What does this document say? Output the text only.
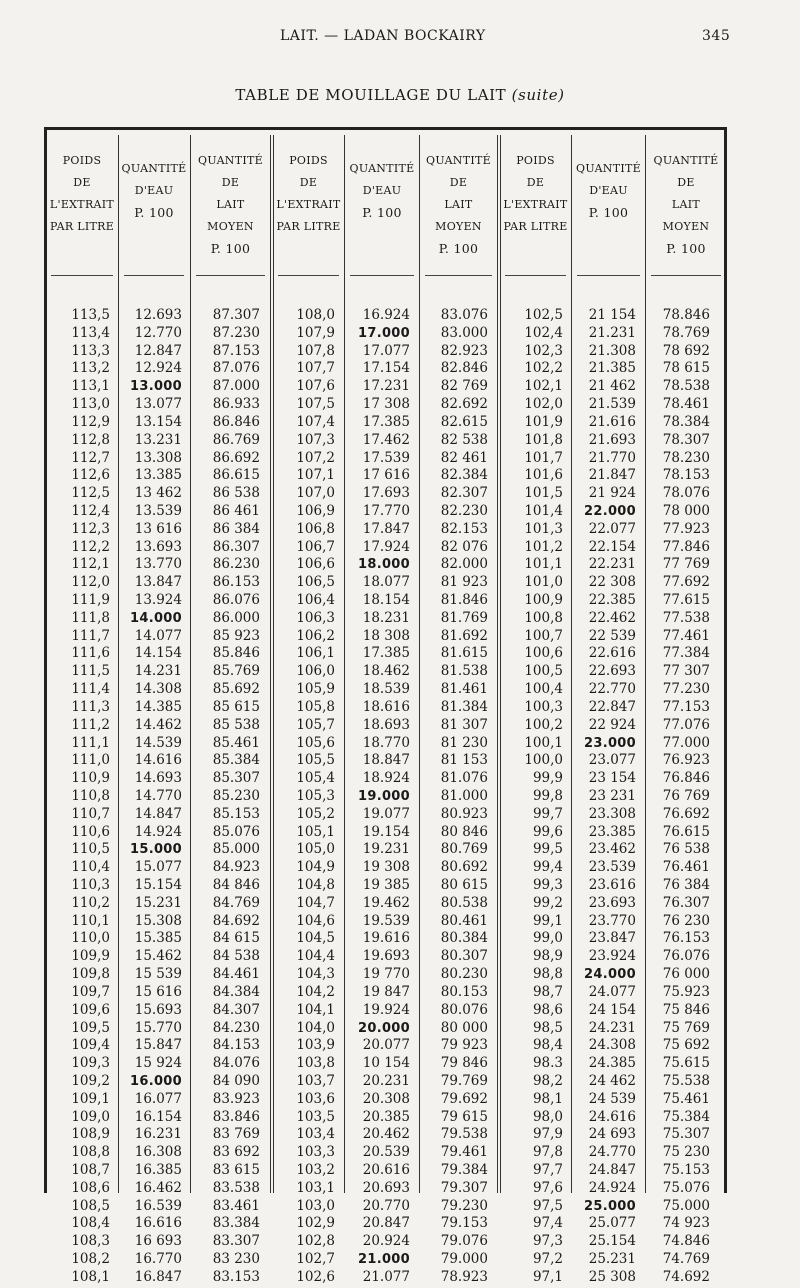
LAIT. — LADAN BOCKAIRY	345
TABLE DE MOUILLAGE DU LAIT (suite)
POIDS
DE
L'EXTRAIT
PAR LITRE
QUANTITÉ
D'EAU
P. 100
QUANTITÉ
DE
LAIT MOYEN
P. 100
POIDS
DE
L'EXTRAIT
PAR LITRE
QUANTITÉ
D'EAU
P. 100
QUANTITÉ
DE
LAIT MOYEN
P. 100
POIDS
DE
L'EXTRAIT
PAR LITRE
QUANTITÉ
D'EAU
P. 100
QUANTITÉ
DE
LAIT MOYEN
P. 100
113,5
113,4
113,3
113,2
113,1
113,0
112,9
112,8
112,7
112,6
112,5
112,4
112,3
112,2
112,1
112,0
111,9
111,8
111,7
111,6
111,5
111,4
111,3
111,2
111,1
111,0
110,9
110,8
110,7
110,6
110,5
110,4
110,3
110,2
110,1
110,0
109,9
109,8
109,7
109,6
109,5
109,4
109,3
109,2
109,1
109,0
108,9
108,8
108,7
108,6
108,5
108,4
108,3
108,2
108,1
12.693
12.770
12.847
12.924
13.000
13.077
13.154
13.231
13.308
13.385
13 462
13.539
13 616
13.693
13.770
13.847
13.924
14.000
14.077
14.154
14.231
14.308
14.385
14.462
14.539
14.616
14.693
14.770
14.847
14.924
15.000
15.077
15.154
15.231
15.308
15.385
15.462
15 539
15 616
15.693
15.770
15.847
15 924
16.000
16.077
16.154
16.231
16.308
16.385
16.462
16.539
16.616
16 693
16.770
16.847
87.307
87.230
87.153
87.076
87.000
86.933
86.846
86.769
86.692
86.615
86 538
86 461
86 384
86.307
86.230
86.153
86.076
86.000
85 923
85.846
85.769
85.692
85 615
85 538
85.461
85.384
85.307
85.230
85.153
85.076
85.000
84.923
84 846
84.769
84.692
84 615
84 538
84.461
84.384
84.307
84.230
84.153
84.076
84 090
83.923
83.846
83 769
83 692
83 615
83.538
83.461
83.384
83.307
83 230
83.153
108,0
107,9
107,8
107,7
107,6
107,5
107,4
107,3
107,2
107,1
107,0
106,9
106,8
106,7
106,6
106,5
106,4
106,3
106,2
106,1
106,0
105,9
105,8
105,7
105,6
105,5
105,4
105,3
105,2
105,1
105,0
104,9
104,8
104,7
104,6
104,5
104,4
104,3
104,2
104,1
104,0
103,9
103,8
103,7
103,6
103,5
103,4
103,3
103,2
103,1
103,0
102,9
102,8
102,7
102,6
16.924
17.000
17.077
17.154
17.231
17 308
17.385
17.462
17.539
17 616
17.693
17.770
17.847
17.924
18.000
18.077
18.154
18.231
18 308
17.385
18.462
18.539
18.616
18.693
18.770
18.847
18.924
19.000
19.077
19.154
19.231
19 308
19 385
19.462
19.539
19.616
19.693
19 770
19 847
19.924
20.000
20.077
10 154
20.231
20.308
20.385
20.462
20.539
20.616
20.693
20.770
20.847
20.924
21.000
21.077
83.076
83.000
82.923
82.846
82 769
82.692
82.615
82 538
82 461
82.384
82.307
82.230
82.153
82 076
82.000
81 923
81.846
81.769
81.692
81.615
81.538
81.461
81.384
81 307
81 230
81 153
81.076
81.000
80.923
80 846
80.769
80.692
80 615
80.538
80.461
80.384
80.307
80.230
80.153
80.076
80 000
79 923
79 846
79.769
79.692
79 615
79.538
79.461
79.384
79.307
79.230
79.153
79.076
79.000
78.923
102,5
102,4
102,3
102,2
102,1
102,0
101,9
101,8
101,7
101,6
101,5
101,4
101,3
101,2
101,1
101,0
100,9
100,8
100,7
100,6
100,5
100,4
100,3
100,2
100,1
100,0
99,9
99,8
99,7
99,6
99,5
99,4
99,3
99,2
99,1
99,0
98,9
98,8
98,7
98,6
98,5
98,4
98.3
98,2
98,1
98,0
97,9
97,8
97,7
97,6
97,5
97,4
97,3
97,2
97,1
21 154
21.231
21.308
21.385
21 462
21.539
21.616
21.693
21.770
21.847
21 924
22.000
22.077
22.154
22.231
22 308
22.385
22.462
22 539
22.616
22.693
22.770
22.847
22 924
23.000
23.077
23 154
23 231
23.308
23.385
23.462
23.539
23.616
23.693
23.770
23.847
23.924
24.000
24.077
24 154
24.231
24.308
24.385
24 462
24 539
24.616
24 693
24.770
24.847
24.924
25.000
25.077
25.154
25.231
25 308
78.846
78.769
78 692
78 615
78.538
78.461
78.384
78.307
78.230
78.153
78.076
78 000
77.923
77.846
77 769
77.692
77.615
77.538
77.461
77.384
77 307
77.230
77.153
77.076
77.000
76.923
76.846
76 769
76.692
76.615
76 538
76.461
76 384
76.307
76 230
76.153
76.076
76 000
75.923
75 846
75 769
75 692
75.615
75.538
75.461
75.384
75.307
75 230
75.153
75.076
75.000
74 923
74.846
74.769
74.692
